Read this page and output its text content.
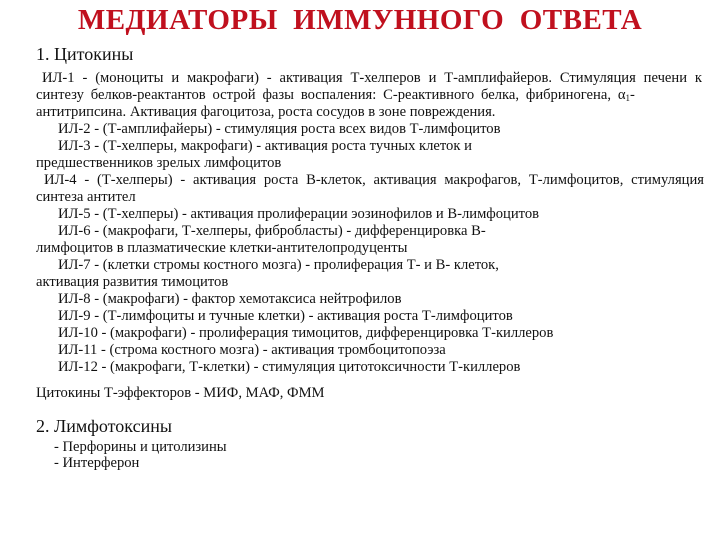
МЕДИАТОРЫ  ИММУННОГО  ОТВЕТА
1. Цитокины
ИЛ-1 - (моноциты и макрофаги) - активация Т-хелперов и Т-амплифайеров. Стимуляция печени к
синтезу белков-реактантов острой фазы воспаления: С-реактивного белка, фибриногена, $\alpha_1-$
антитрипсина. Активация фагоцитоза, роста сосудов в зоне повреждения.
ИЛ-2 - (Т-амплифайеры) - стимуляция роста всех видов Т-лимфоцитов
ИЛ-3 - (Т-хелперы, макрофаги) - активация роста тучных клеток и
предшественников зрелых лимфоцитов
ИЛ-4 - (Т-хелперы) - активация роста В-клеток, активация макрофагов, Т-лимфоцитов, стимуляция
синтеза антител
ИЛ-5 - (Т-хелперы) - активация пролиферации эозинофилов и В-лимфоцитов
ИЛ-6 - (макрофаги, Т-хелперы, фибробласты) - дифференцировка В-
лимфоцитов в плазматические клетки-антителопродуценты
ИЛ-7 - (клетки стромы костного мозга) - пролиферация Т- и В- клеток,
активация развития тимоцитов
ИЛ-8 - (макрофаги) - фактор хемотаксиса нейтрофилов
ИЛ-9 - (Т-лимфоциты и тучные клетки) - активация роста Т-лимфоцитов
ИЛ-10 - (макрофаги) - пролиферация тимоцитов, дифференцировка Т-киллеров
ИЛ-11 - (строма костного мозга) - активация тромбоцитопоэза
ИЛ-12 - (макрофаги, Т-клетки) - стимуляция цитотоксичности Т-киллеров
Цитокины Т-эффекторов - МИФ, МАФ, ФММ
2. Лимфотоксины
- Перфорины и цитолизины
- Интерферон
